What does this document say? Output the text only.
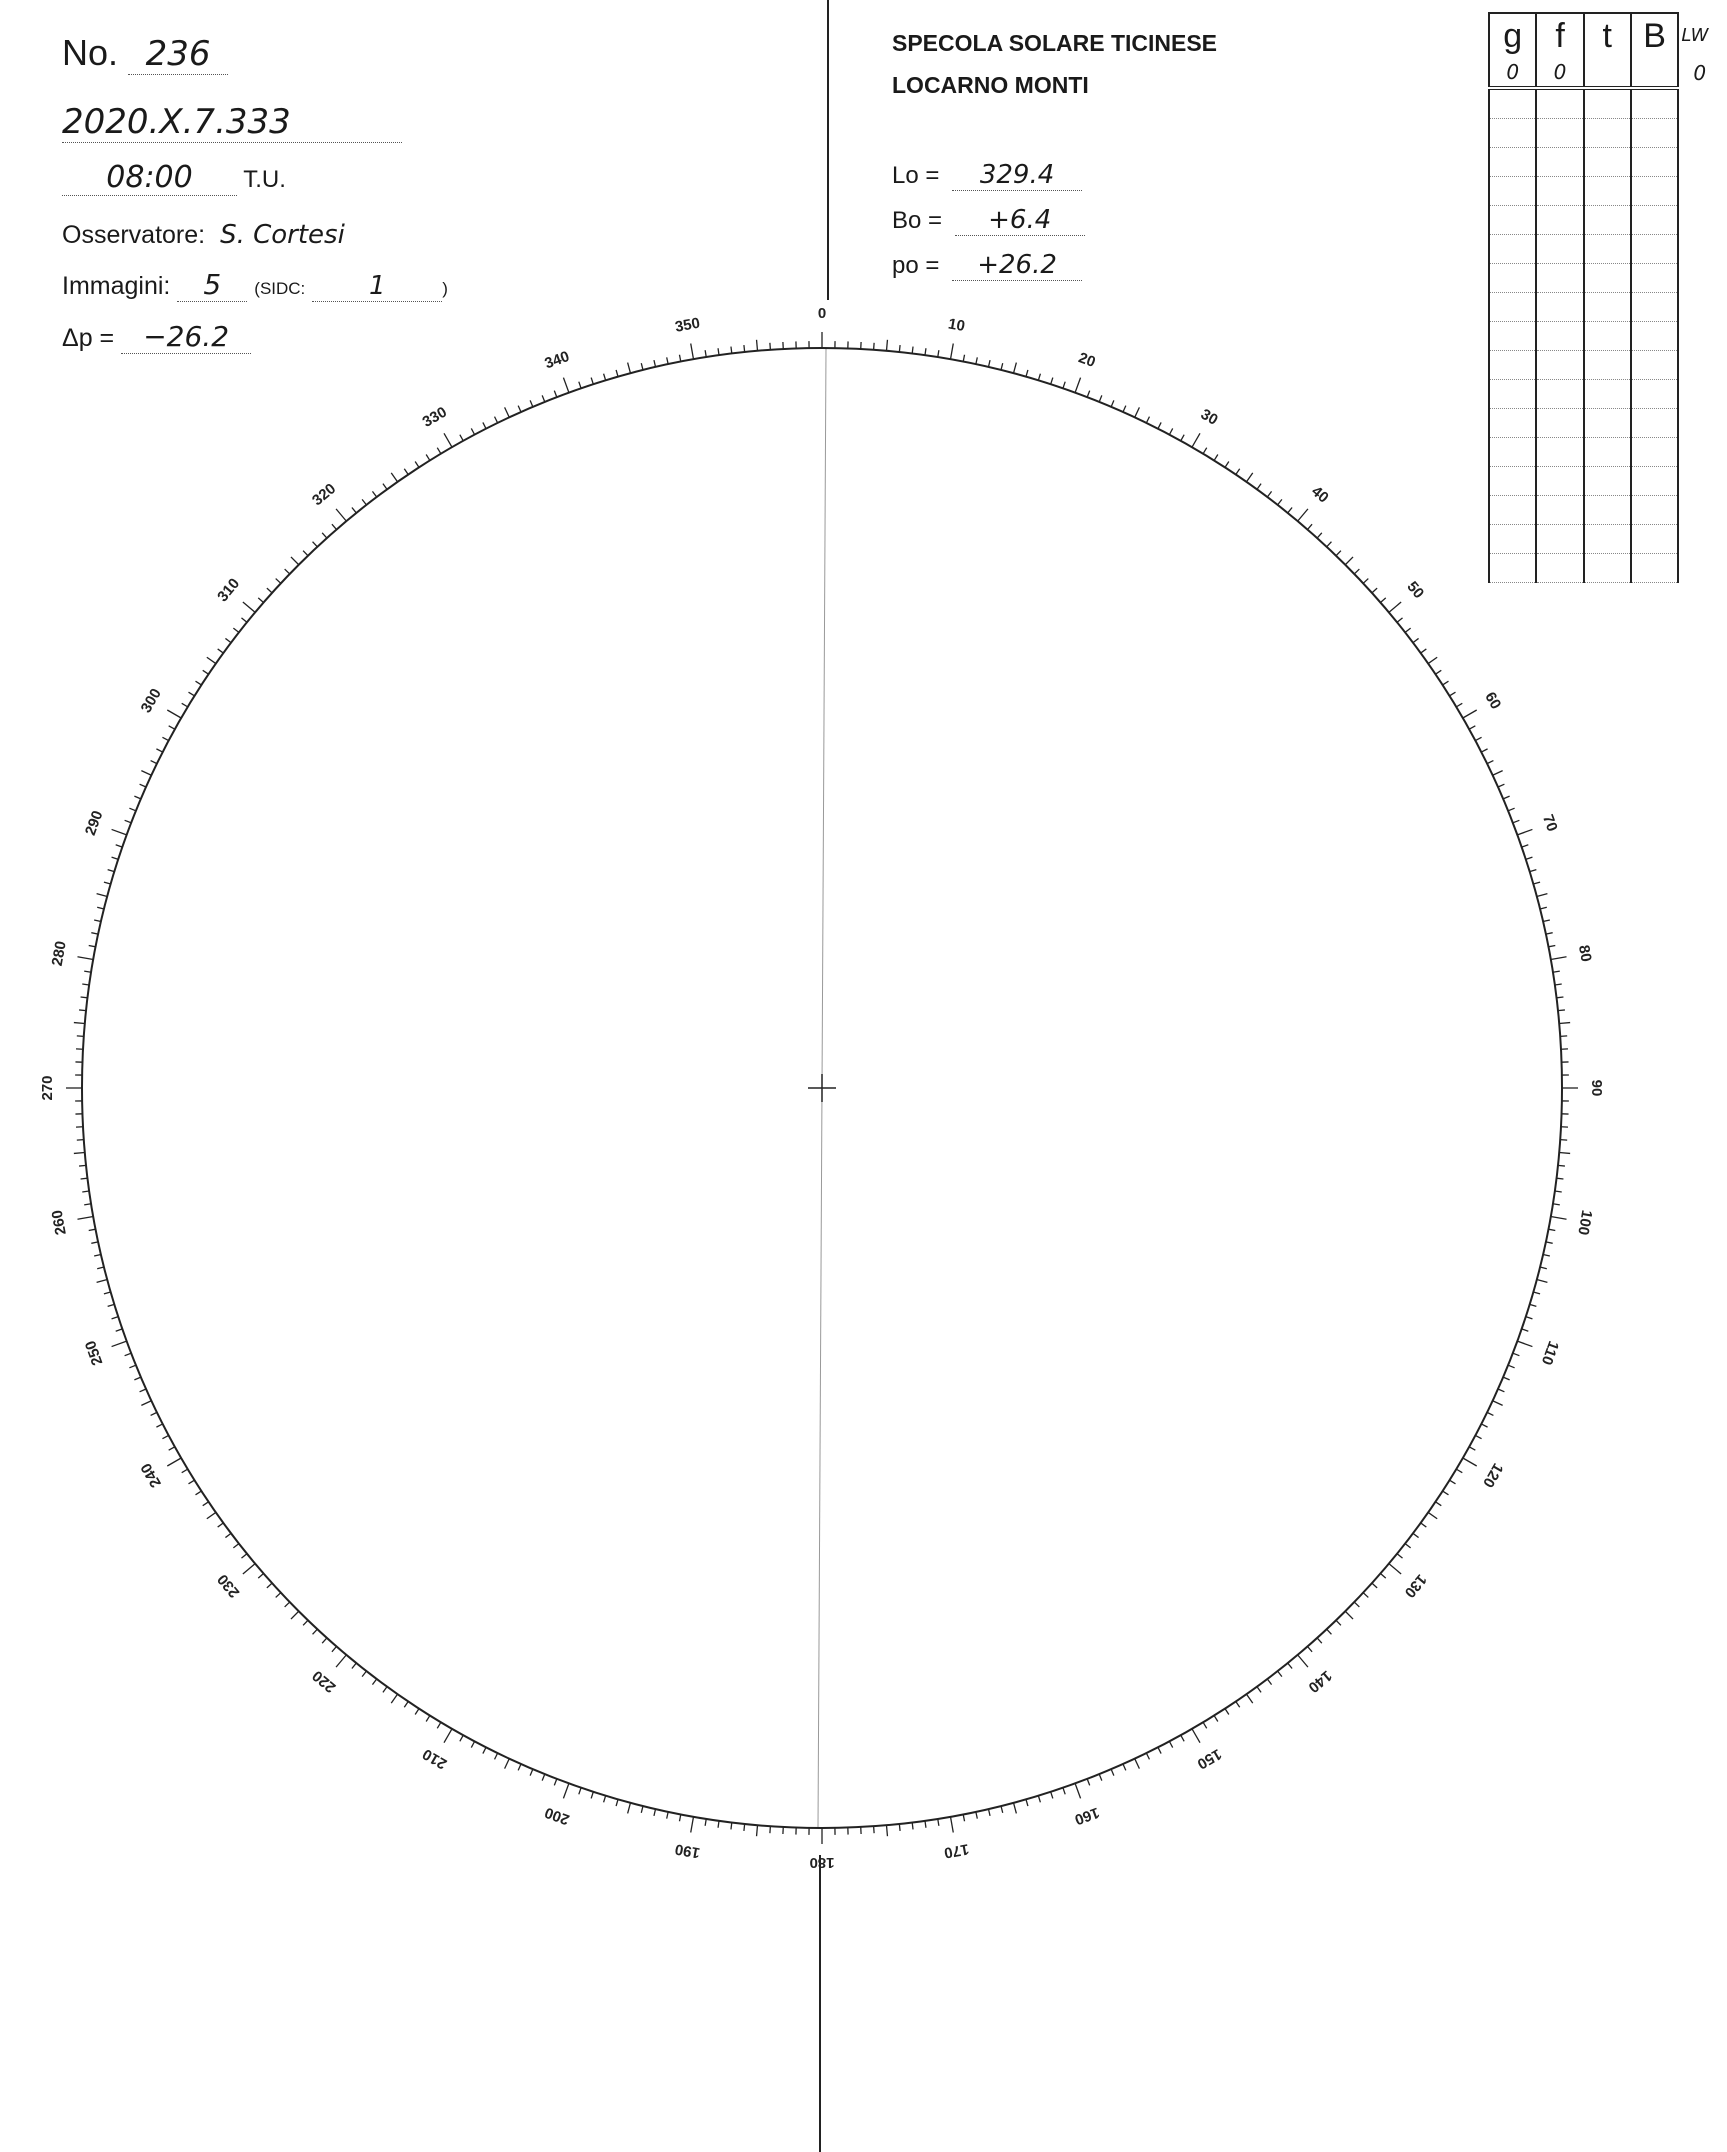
No. 236
2020.X.7.333
08:00 T.U.
Osservatore: S. Cortesi
Immagini: 5 (SIDC: 1	)
Δp = −26.2
SPECOLA SOLARE TICINESE
LOCARNO MONTI
Lo = 329.4
Bo = +6.4
po = +26.2
g	f	t	B	LW
0	0			0

0
10
20
30
40
50
60
70
80
90
100
110
120
130
140
150
160
170
180
190
200
210
220
230
240
250
260
270
280
290
300
310
320
330
340
350
